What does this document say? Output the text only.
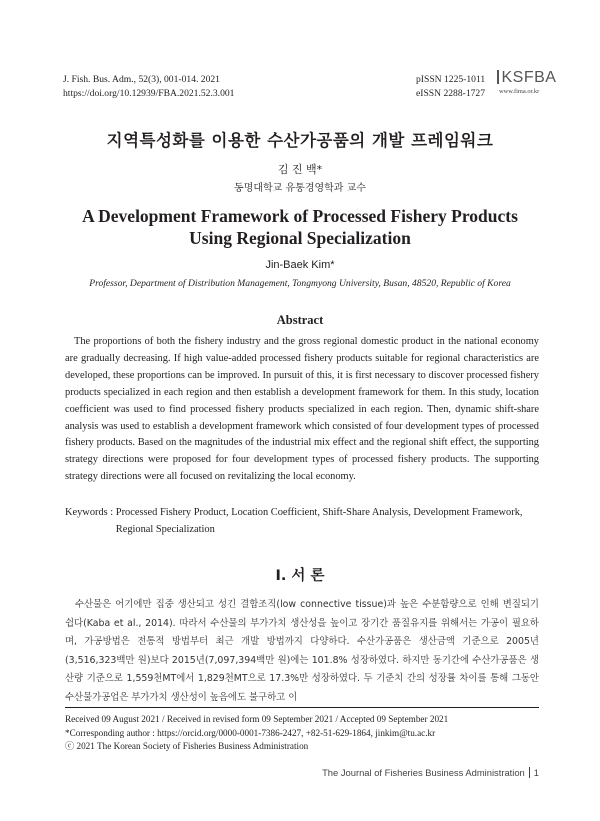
J. Fish. Bus. Adm., 52(3), 001-014. 2021
https://doi.org/10.12939/FBA.2021.52.3.001
pISSN 1225-1011
eISSN 2288-1727
KSFBA
www.fima.or.kr
지역특성화를 이용한 수산가공품의 개발 프레임워크
김 진 백*
동명대학교 유통경영학과 교수
A Development Framework of Processed Fishery Products Using Regional Specialization
Jin-Baek Kim*
Professor, Department of Distribution Management, Tongmyong University, Busan, 48520, Republic of Korea
Abstract

The proportions of both the fishery industry and the gross regional domestic product in the national economy are gradually decreasing. If high value-added processed fishery products suitable for regional characteristics are developed, these proportions can be improved. In pursuit of this, it is first necessary to discover processed fishery products specialized in each region and then establish a development framework for them. In this study, location coefficient was used to find processed fishery products specialized in each region. Then, dynamic shift-share analysis was used to establish a development framework which consisted of four development types of processed fishery products. Based on the magnitudes of the industrial mix effect and the regional shift effect, the supporting strategy directions were proposed for four development types of processed fishery products. The supporting strategy directions were all focused on revitalizing the local economy.

Keywords : Processed Fishery Product, Location Coefficient, Shift-Share Analysis, Development Framework, Regional Specialization
I. 서 론

수산물은 어기에만 집중 생산되고 성긴 결합조직(low connective tissue)과 높은 수분함량으로 인해 변질되기 쉽다(Kaba et al., 2014). 따라서 수산물의 부가가치 생산성을 높이고 장기간 품질유지를 위해서는 가공이 필요하며, 가공방법은 전통적 방법부터 최근 개발 방법까지 다양하다. 수산가공품은 생산금액 기준으로 2005년(3,516,323백만 원)보다 2015년(7,097,394백만 원)에는 101.8% 성장하였다. 하지만 동기간에 수산가공품은 생산량 기준으로 1,559천MT에서 1,829천MT으로 17.3%만 성장하였다. 두 기준치 간의 성장률 차이를 통해 그동안 수산물가공업은 부가가치 생산성이 높음에도 불구하고 이

Received 09 August 2021 / Received in revised form 09 September 2021 / Accepted 09 September 2021
*Corresponding author : https://orcid.org/0000-0001-7386-2427, +82-51-629-1864, jinkim@tu.ac.kr
ⓒ 2021 The Korean Society of Fisheries Business Administration
The Journal of Fisheries Business Administration 1
